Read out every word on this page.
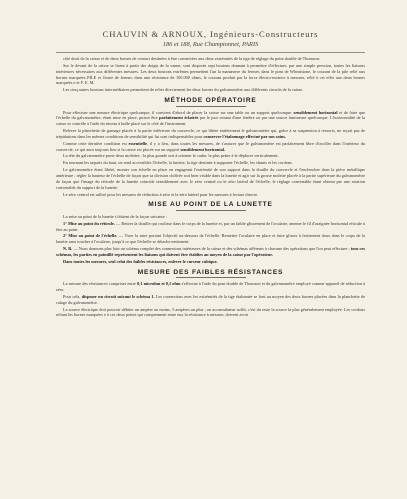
CHAUVIN & ARNOUX, Ingénieurs-Constructeurs
186 et 188, Rue Championnet, PARIS

côté droit de la caisse et de deux bornes de contact destinées à être connectées aux deux extrémités de la tige de réglage du point double de Thomson.

Sur le devant de la caisse se lisent à partir des doigts de la vanne, sont disposés sept boutons donnant à permettre d'effectuer, par une simple pression, toutes les liaisons intérieures nécessaires aux différentes mesures. Les deux boutons extrêmes permettent l'un la manœuvre du fermer, dans le pont de Wheatstone, le courant de la pile relié aux bornes marquées PILE et l'autre de fermer, dans une résistance de 100.000 ohms, le courant produit par la force électro-motrice à mesurer, relié à cet effet aux deux bornes marquées e et F. E. M.

Les cinq autres boutons intermédiaires permettent de relier directement les deux bornes du galvanomètre aux différents circuits de la caisse.

MÉTHODE OPÉRATOIRE

Pour effectuer une mesure électrique quelconque, il convient d'abord de placer la caisse sur une table ou un support quelconque, sensiblement horizontal et de faire que l'échelle du galvanomètre, étant mise en place, puisse être parfaitement éclairée par le jour venant d'une fenêtre ou par une source lumineuse quelconque. L'horizontalité de la caisse se contrôle à l'aide du niveau à bulle placé sur le côté de l'instrument.

Relever la planchette de garnage placée à la partie inférieure du couvercle, ce qui libère entièrement le galvanomètre qui, grâce à sa suspension à ressorts, ne reçoit pas de trépidations dans les mêmes conditions de sensibilité qui lui sont indispensables pour conserver l'étalonnage effectué par nos soins.

Comme cette dernière condition est essentielle, il y a lieu, dans toutes les mesures, de s'assurer que le galvanomètre est parfaitement libre d'osciller dans l'intérieur du couvercle, ce qui aura toujours lieu si la caisse est placée sur un support sensiblement horizontal.

La tête du galvanomètre porte deux molettes : la plus grande sert à orienter le cadre, la plus petite à le déplacer verticalement.

En tournant les taquets du haut, on rend accessibles l'échelle, la lunette, la tige destinée à supporter l'échelle, les shunts et les cordons.

Le galvanomètre étant libéré, monter son échelle en place en engageant l'extrémité de son support dans la douille du couvercle et l'enclencher dans la pièce métallique antérieure ; régler la hauteur de l'échelle de façon que sa division chiffrée soit bien visible dans la lunette et agir sur la grosse molette placée à la partie supérieure du galvanomètre de façon que l'image du réticule de la lunette coïncide sensiblement avec le zéro central ou le zéro latéral de l'échelle, le réglage convenable étant obtenu par une rotation convenable du support de la lunette.

Le zéro central est utilisé pour les mesures de réduction à zéro et le zéro latéral pour les mesures à lecture directe.

MISE AU POINT DE LA LUNETTE

La mise au point de la lunette s'obtient de la façon suivante :

1° Mise au point du réticule. — Retirer la douille qui coulisse dans le corps de la lunette et, par un faible glissement de l'oculaire, amener le fil d'araignée horizontal réticule à être au point.

2° Mise au point de l'échelle. — Viser la mire portant l'objectif au-dessous de l'échelle. Remettre l'oculaire en place et faire glisser à frottement doux dans le corps de la lunette sans toucher à l'oculaire, jusqu'à ce que l'échelle se détache nettement.

N. B. — Nous donnons plus loin un schéma complet des connexions intérieures de la caisse et des schémas afférents à chacune des opérations que l'on peut effectuer ; tous ces schémas, les parties en pointillé représentent les liaisons qui doivent être établies au moyen de la caisse par l'opérateur.

Dans toutes les mesures, seul celui des faibles résistances, enlever le curseur cubique.

MESURE DES FAIBLES RÉSISTANCES

La mesure des résistances comprises entre 0,1 microhm et 0,1 ohm s'effectue à l'aide du pont double de Thomson et du galvanomètre employé comme appareil de réduction à zéro.

Pour cela, disposer un circuit suivant le schéma 1. Les connexions avec les extrémités de la tige étalonnée se font au moyen des deux bornes placées dans la planchette de calage du galvanomètre.

La source électrique doit pouvoir débiter un ampère au moins, 5 ampères au plus ; on accumulateur suffit, c'est du reste la source la plus généralement employée. Les cordons reliant les bornes marquées e à ces deux points qui comprennent entre eux la résistance à mesurer, doivent avoir
